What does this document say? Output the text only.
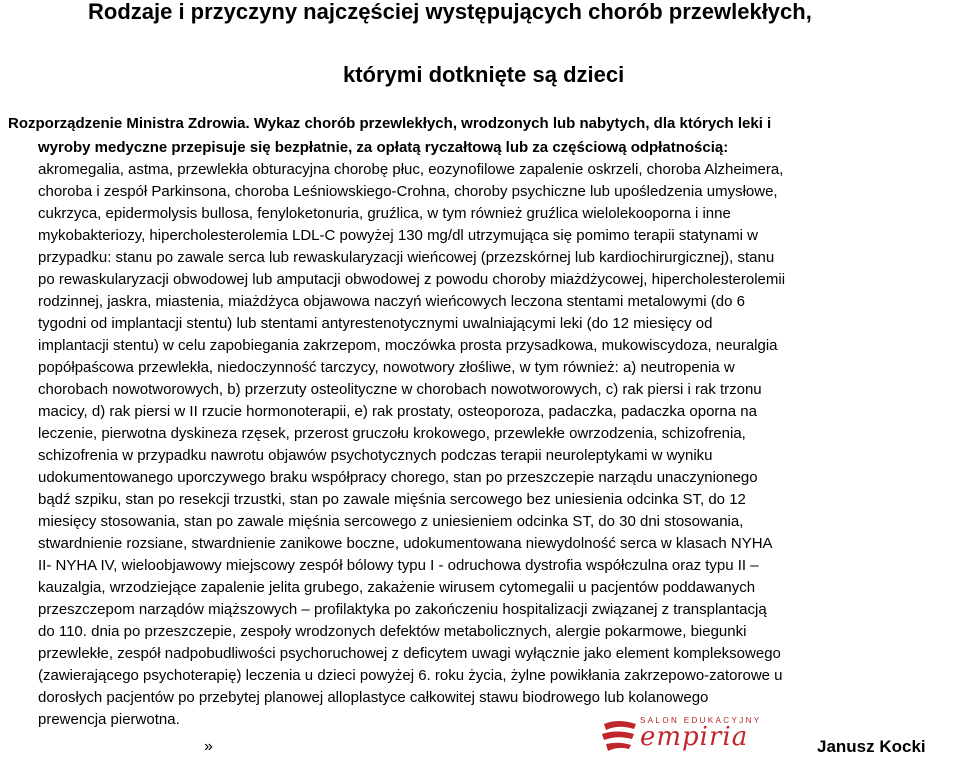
Rodzaje i przyczyny najczęściej występujących chorób przewlekłych,
którymi dotknięte są dzieci
Rozporządzenie Ministra Zdrowia. Wykaz chorób przewlekłych, wrodzonych lub nabytych, dla których leki i
wyroby medyczne przepisuje się bezpłatnie, za opłatą ryczałtową lub za częściową odpłatnością:
akromegalia, astma, przewlekła obturacyjna chorobę płuc, eozynofilowe zapalenie oskrzeli, choroba Alzheimera,
choroba i zespół Parkinsona, choroba Leśniowskiego-Crohna, choroby psychiczne lub upośledzenia umysłowe,
cukrzyca, epidermolysis bullosa, fenyloketonuria, gruźlica, w tym również gruźlica wielolekooporna i inne
mykobakteriozy, hipercholesterolemia LDL-C powyżej 130 mg/dl utrzymująca się pomimo terapii statynami w
przypadku: stanu po zawale serca lub rewaskularyzacji wieńcowej (przezskórnej lub kardiochirurgicznej), stanu
po rewaskularyzacji obwodowej lub amputacji obwodowej z powodu choroby miażdżycowej, hipercholesterolemii
rodzinnej, jaskra, miastenia, miażdżyca objawowa naczyń wieńcowych leczona stentami metalowymi (do 6
tygodni od implantacji stentu) lub stentami antyrestenotycznymi uwalniającymi leki (do 12 miesięcy od
implantacji stentu) w celu zapobiegania zakrzepom, moczówka prosta przysadkowa, mukowiscydoza, neuralgia
popółpaścowa przewlekła, niedoczynność tarczycy, nowotwory złośliwe, w tym również: a) neutropenia w
chorobach nowotworowych, b) przerzuty osteolityczne w chorobach nowotworowych, c) rak piersi i rak trzonu
macicy, d) rak piersi w II rzucie hormonoterapii, e) rak prostaty, osteoporoza, padaczka, padaczka oporna na
leczenie, pierwotna dyskineza rzęsek, przerost gruczołu krokowego, przewlekłe owrzodzenia, schizofrenia,
schizofrenia w przypadku nawrotu objawów psychotycznych podczas terapii neuroleptykami w wyniku
udokumentowanego uporczywego braku współpracy chorego, stan po przeszczepie narządu unaczynionego
bądź szpiku, stan po resekcji trzustki, stan po zawale mięśnia sercowego bez uniesienia odcinka ST, do 12
miesięcy stosowania, stan po zawale mięśnia sercowego z uniesieniem odcinka ST, do 30 dni stosowania,
stwardnienie rozsiane, stwardnienie zanikowe boczne, udokumentowana niewydolność serca w klasach NYHA
II- NYHA IV, wieloobjawowy miejscowy zespół bólowy typu I - odruchowa dystrofia współczulna oraz typu II –
kauzalgia, wrzodziejące zapalenie jelita grubego, zakażenie wirusem cytomegalii u pacjentów poddawanych
przeszczepom narządów miąższowych – profilaktyka po zakończeniu hospitalizacji związanej z transplantacją
do 110. dnia po przeszczepie, zespoły wrodzonych defektów metabolicznych, alergie pokarmowe, biegunki
przewlekłe, zespół nadpobudliwości psychoruchowej z deficytem uwagi wyłącznie jako element kompleksowego
(zawierającego psychoterapię) leczenia u dzieci powyżej 6. roku życia, żylne powikłania zakrzepowo-zatorowe u
dorosłych pacjentów po przebytej planowej alloplastyce całkowitej stawu biodrowego lub kolanowego
prewencja pierwotna.	SALON EDUKACYJNY
empiria
»	Janusz Kocki
